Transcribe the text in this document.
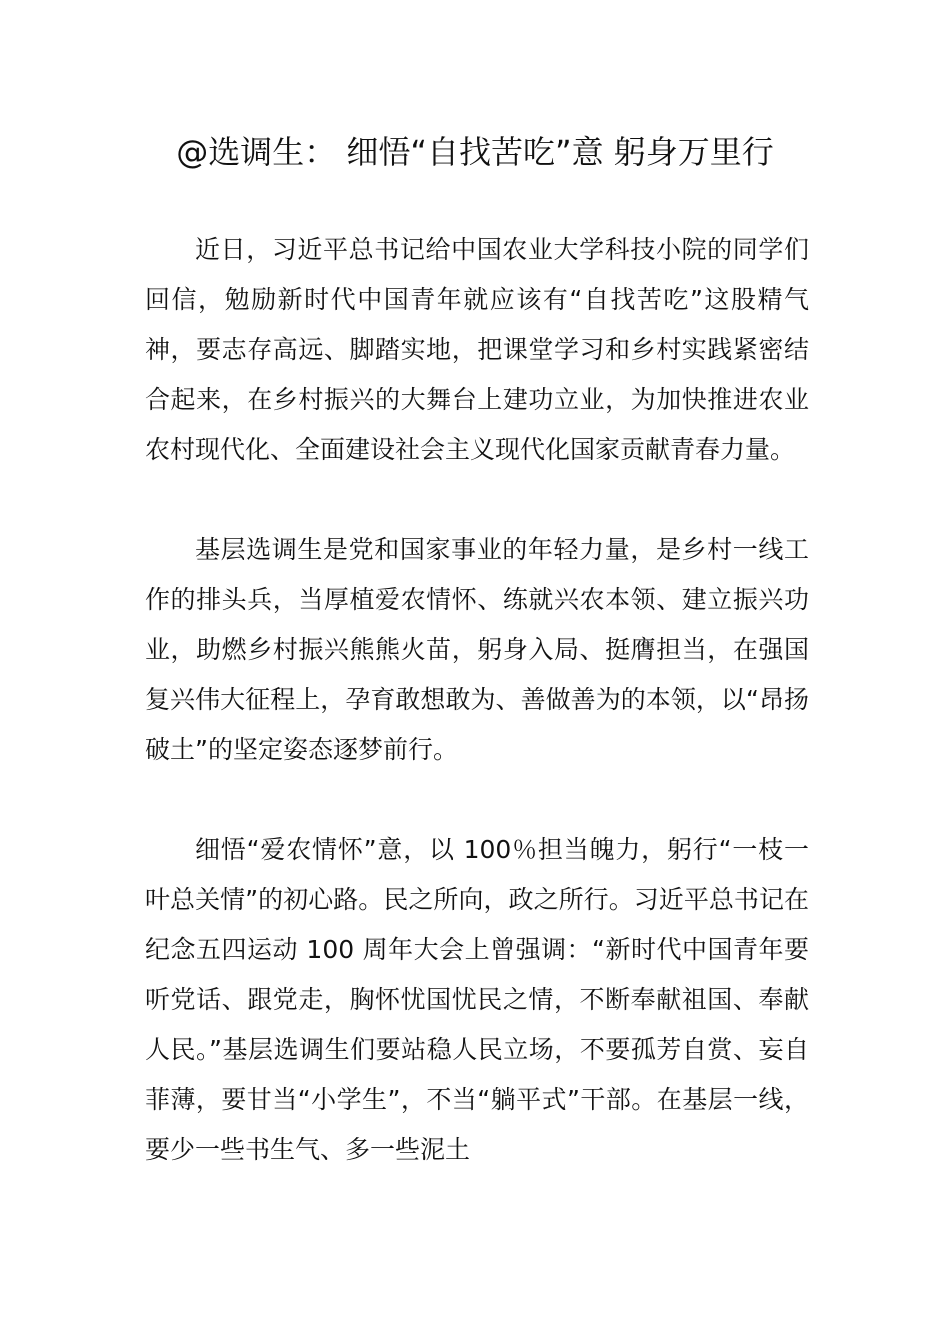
@选调生： 细悟“自找苦吃”意 躬身万里行

近日，习近平总书记给中国农业大学科技小院的同学们回信，勉励新时代中国青年就应该有“自找苦吃”这股精气神，要志存高远、脚踏实地，把课堂学习和乡村实践紧密结合起来，在乡村振兴的大舞台上建功立业，为加快推进农业农村现代化、全面建设社会主义现代化国家贡献青春力量。

基层选调生是党和国家事业的年轻力量，是乡村一线工作的排头兵，当厚植爱农情怀、练就兴农本领、建立振兴功业，助燃乡村振兴熊熊火苗，躬身入局、挺膺担当，在强国复兴伟大征程上，孕育敢想敢为、善做善为的本领，以“昂扬破土”的坚定姿态逐梦前行。

细悟“爱农情怀”意，以 100％担当魄力，躬行“一枝一叶总关情”的初心路。民之所向，政之所行。习近平总书记在纪念五四运动 100 周年大会上曾强调：“新时代中国青年要听党话、跟党走，胸怀忧国忧民之情，不断奉献祖国、奉献人民。”基层选调生们要站稳人民立场，不要孤芳自赏、妄自菲薄，要甘当“小学生”，不当“躺平式”干部。在基层一线，要少一些书生气、多一些泥土
